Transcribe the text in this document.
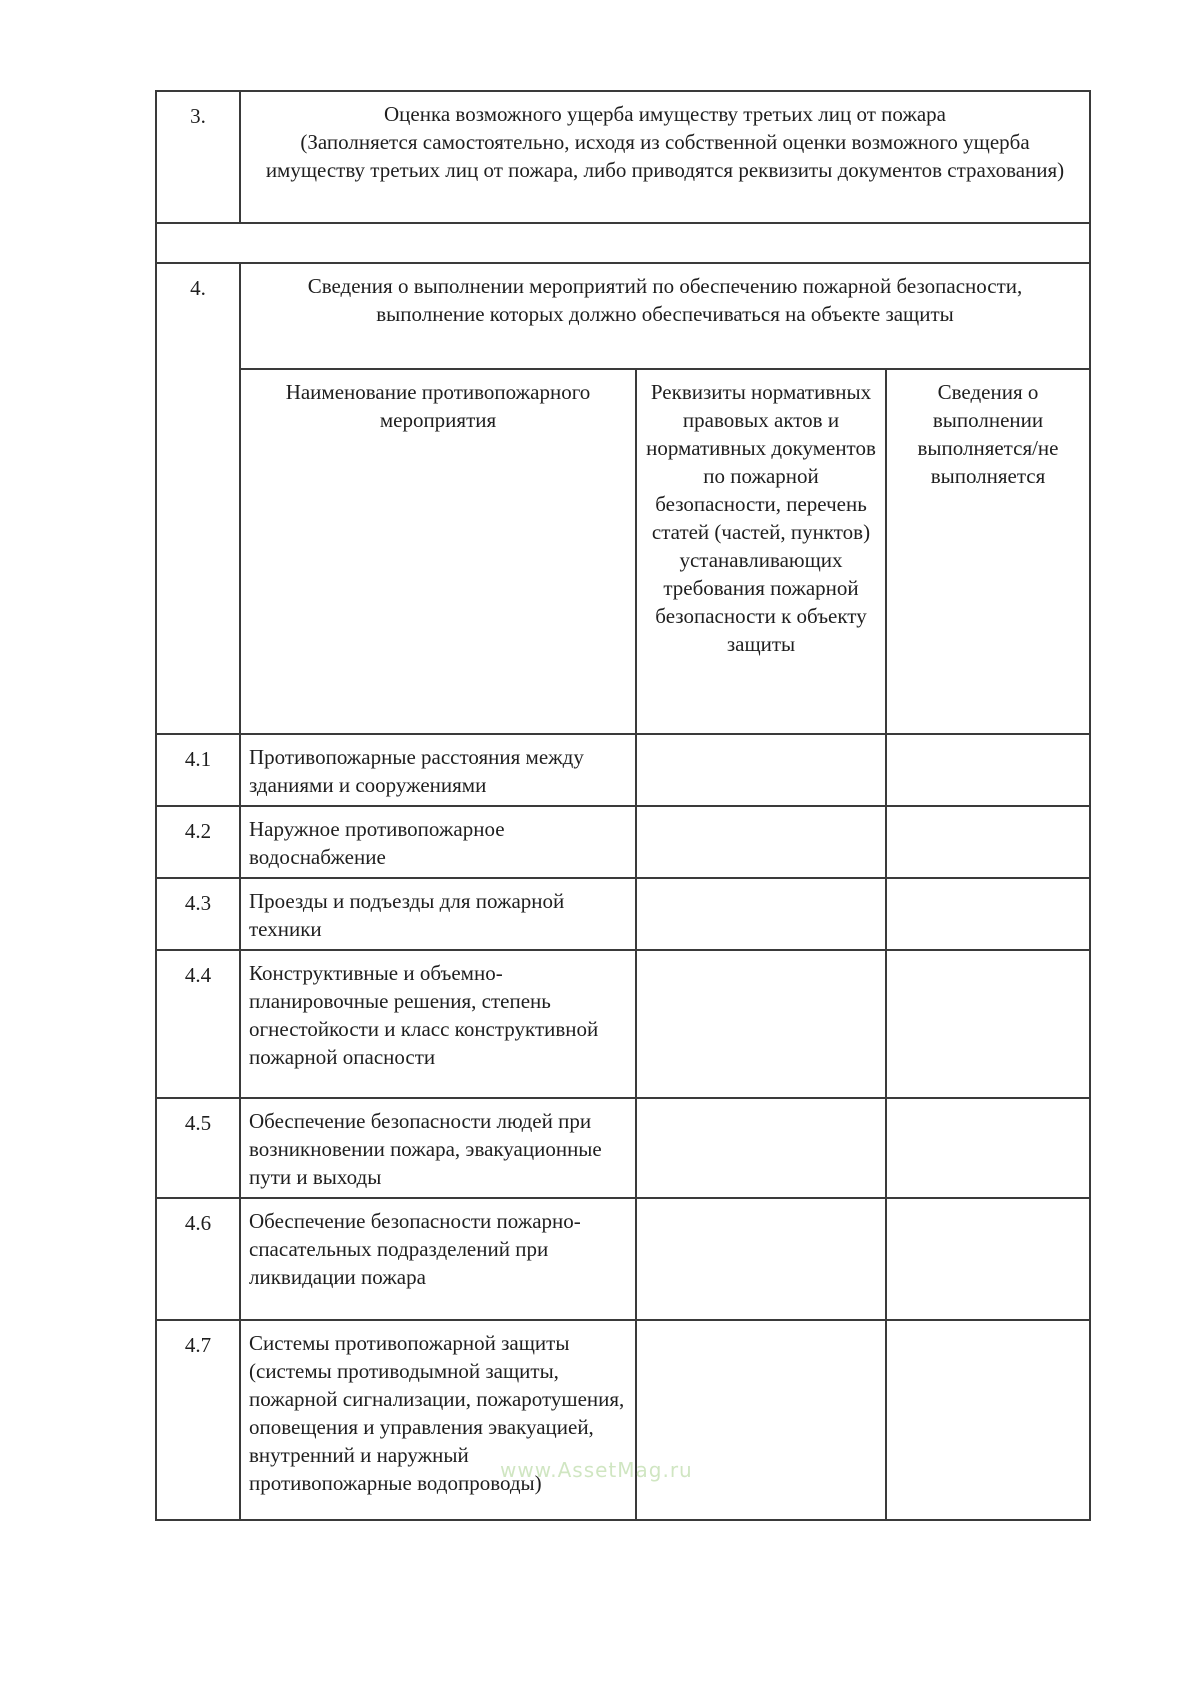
3.	Оценка возможного ущерба имуществу третьих лиц от пожара
(Заполняется самостоятельно, исходя из собственной оценки возможного ущерба имуществу третьих лиц от пожара, либо приводятся реквизиты документов страхования)		

4.	Сведения о выполнении мероприятий по обеспечению пожарной безопасности, выполнение которых должно обеспечиваться на объекте защиты		
	Наименование противопожарного мероприятия	Реквизиты нормативных правовых актов и нормативных документов по пожарной безопасности, перечень статей (частей, пунктов) устанавливающих требования пожарной безопасности к объекту защиты	Сведения о выполнении выполняется/не выполняется
4.1	Противопожарные расстояния между зданиями и сооружениями		
4.2	Наружное противопожарное водоснабжение		
4.3	Проезды и подъезды для пожарной техники		
4.4	Конструктивные и объемно-планировочные решения, степень огнестойкости и класс конструктивной пожарной опасности		
4.5	Обеспечение безопасности людей при возникновении пожара, эвакуационные пути и выходы		
4.6	Обеспечение безопасности пожарно-спасательных подразделений при ликвидации пожара		
4.7	Системы противопожарной защиты (системы противодымной защиты, пожарной сигнализации, пожаротушения, оповещения и управления эвакуацией, внутренний и наружный противопожарные водопроводы)		
www.AssetMag.ru
